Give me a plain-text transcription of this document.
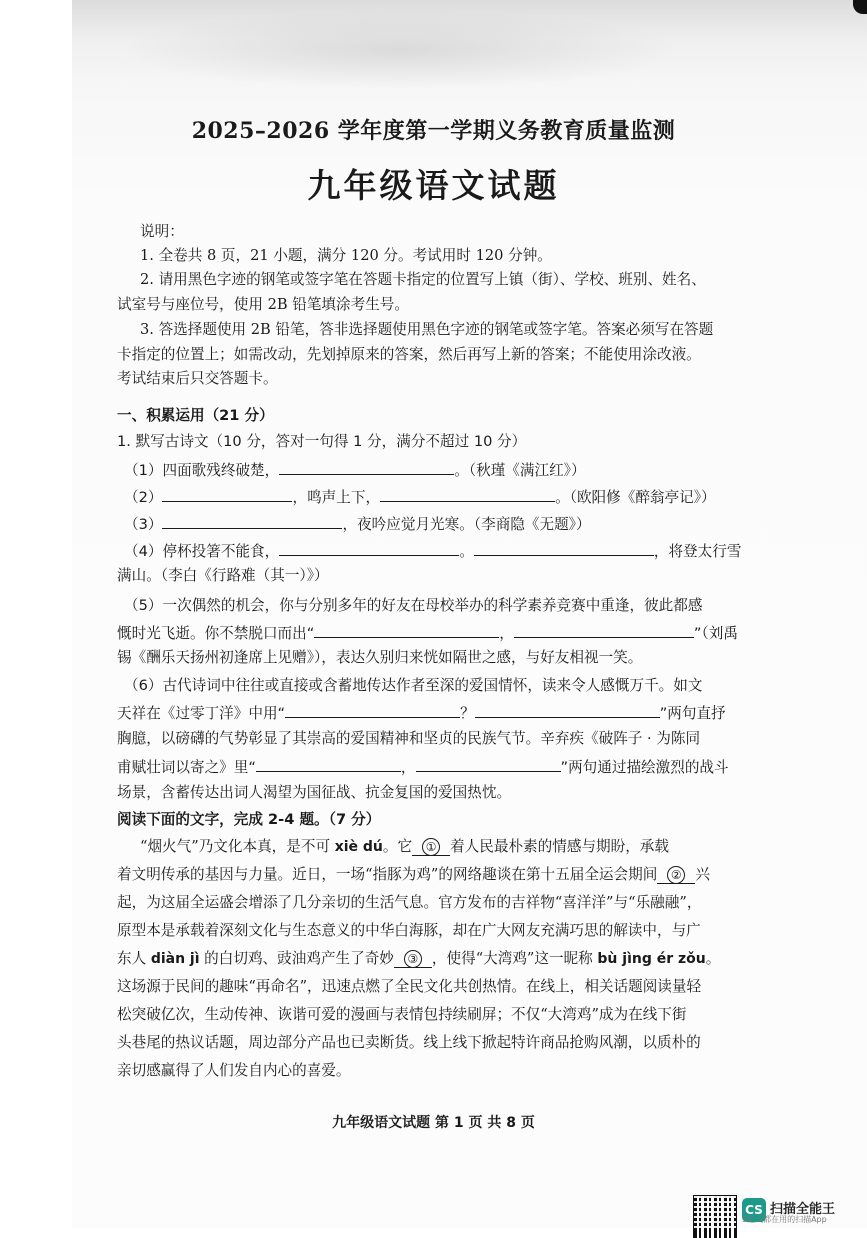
2025–2026 学年度第一学期义务教育质量监测
九年级语文试题
说明：
1. 全卷共 8 页，21 小题，满分 120 分。考试用时 120 分钟。
2. 请用黑色字迹的钢笔或签字笔在答题卡指定的位置写上镇（街）、学校、班别、姓名、
试室号与座位号，使用 2B 铅笔填涂考生号。
3. 答选择题使用 2B 铅笔，答非选择题使用黑色字迹的钢笔或签字笔。答案必须写在答题
卡指定的位置上；如需改动，先划掉原来的答案，然后再写上新的答案；不能使用涂改液。
考试结束后只交答题卡。
一、积累运用（21 分）
1. 默写古诗文（10 分，答对一句得 1 分，满分不超过 10 分）
（1）四面歌残终破楚，	。（秋瑾《满江红》）
（2）	，鸣声上下，	。（欧阳修《醉翁亭记》）
（3）	，夜吟应觉月光寒。（李商隐《无题》）
（4）停杯投箸不能食，	。	，将登太行雪
满山。（李白《行路难（其一）》）
（5）一次偶然的机会，你与分别多年的好友在母校举办的科学素养竞赛中重逢，彼此都感
慨时光飞逝。你不禁脱口而出“	，	”（刘禹
锡《酬乐天扬州初逢席上见赠》），表达久别归来恍如隔世之感，与好友相视一笑。
（6）古代诗词中往往或直接或含蓄地传达作者至深的爱国情怀，读来令人感慨万千。如文
天祥在《过零丁洋》中用“	？	”两句直抒
胸臆，以磅礴的气势彰显了其崇高的爱国精神和坚贞的民族气节。辛弃疾《破阵子 · 为陈同
甫赋壮词以寄之》里“	，	”两句通过描绘激烈的战斗
场景，含蓄传达出词人渴望为国征战、抗金复国的爱国热忱。
阅读下面的文字，完成 2-4 题。（7 分）
“烟火气”乃文化本真，是不可 xiè dú。它 ① 着人民最朴素的情感与期盼，承载
着文明传承的基因与力量。近日，一场“指豚为鸡”的网络趣谈在第十五届全运会期间 ② 兴
起，为这届全运盛会增添了几分亲切的生活气息。官方发布的吉祥物“喜洋洋”与“乐融融”，
原型本是承载着深刻文化与生态意义的中华白海豚，却在广大网友充满巧思的解读中，与广
东人 diàn jì 的白切鸡、豉油鸡产生了奇妙 ③ ，使得“大湾鸡”这一昵称 bù jìng ér zǒu。
这场源于民间的趣味“再命名”，迅速点燃了全民文化共创热情。在线上，相关话题阅读量轻
松突破亿次，生动传神、诙谐可爱的漫画与表情包持续刷屏；不仅“大湾鸡”成为在线下街
头巷尾的热议话题，周边部分产品也已卖断货。线上线下掀起特许商品抢购风潮，以质朴的
亲切感赢得了人们发自内心的喜爱。
九年级语文试题 第 1 页 共 8 页
CS 扫描全能王
3亿人都在用的扫描App
